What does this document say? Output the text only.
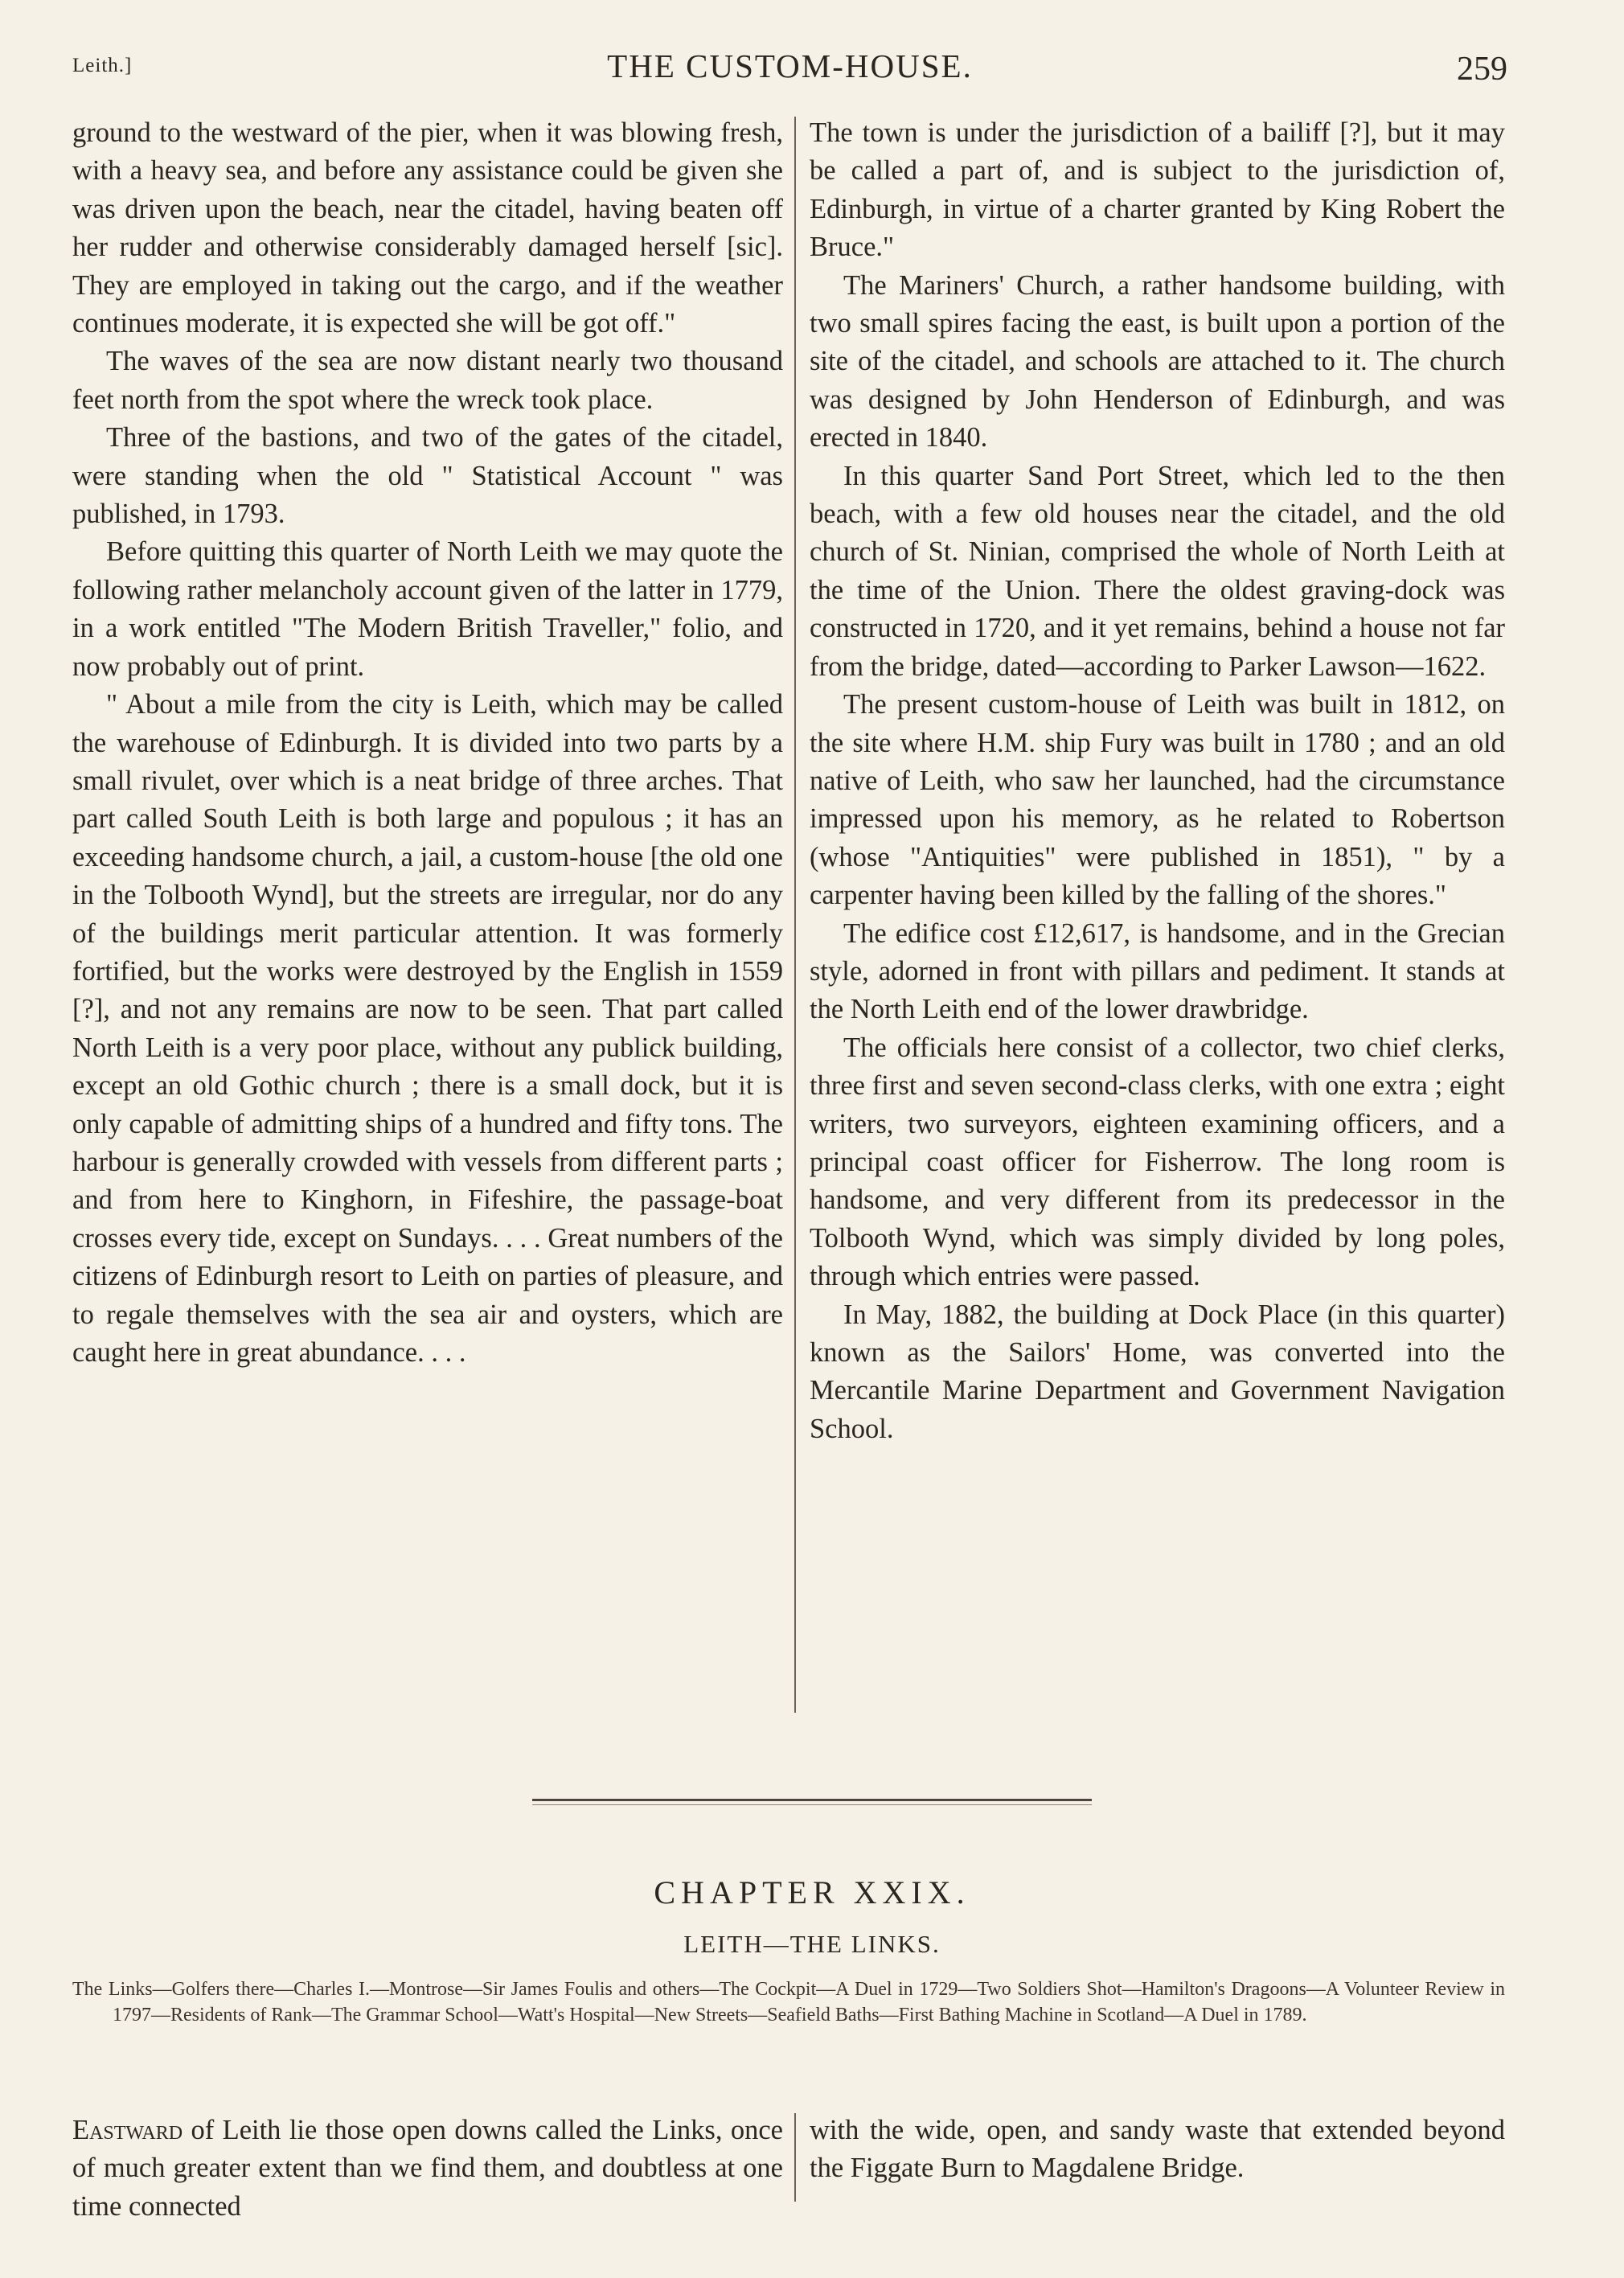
Leith.]	THE CUSTOM-HOUSE.	259

ground to the westward of the pier, when it was blowing fresh, with a heavy sea, and before any assistance could be given she was driven upon the beach, near the citadel, having beaten off her rudder and otherwise considerably damaged herself [sic]. They are employed in taking out the cargo, and if the weather continues moderate, it is expected she will be got off."

The waves of the sea are now distant nearly two thousand feet north from the spot where the wreck took place.

Three of the bastions, and two of the gates of the citadel, were standing when the old " Statistical Account " was published, in 1793.

Before quitting this quarter of North Leith we may quote the following rather melancholy account given of the latter in 1779, in a work entitled "The Modern British Traveller," folio, and now probably out of print.

" About a mile from the city is Leith, which may be called the warehouse of Edinburgh. It is divided into two parts by a small rivulet, over which is a neat bridge of three arches. That part called South Leith is both large and populous ; it has an exceeding handsome church, a jail, a custom-house [the old one in the Tolbooth Wynd], but the streets are irregular, nor do any of the buildings merit particular attention. It was formerly fortified, but the works were destroyed by the English in 1559 [?], and not any remains are now to be seen. That part called North Leith is a very poor place, without any publick building, except an old Gothic church ; there is a small dock, but it is only capable of admitting ships of a hundred and fifty tons. The harbour is generally crowded with vessels from different parts ; and from here to Kinghorn, in Fifeshire, the passage-boat crosses every tide, except on Sundays. . . . Great numbers of the citizens of Edinburgh resort to Leith on parties of pleasure, and to regale themselves with the sea air and oysters, which are caught here in great abundance. . . .

The town is under the jurisdiction of a bailiff [?], but it may be called a part of, and is subject to the jurisdiction of, Edinburgh, in virtue of a charter granted by King Robert the Bruce."

The Mariners' Church, a rather handsome building, with two small spires facing the east, is built upon a portion of the site of the citadel, and schools are attached to it. The church was designed by John Henderson of Edinburgh, and was erected in 1840.

In this quarter Sand Port Street, which led to the then beach, with a few old houses near the citadel, and the old church of St. Ninian, comprised the whole of North Leith at the time of the Union. There the oldest graving-dock was constructed in 1720, and it yet remains, behind a house not far from the bridge, dated—according to Parker Lawson—1622.

The present custom-house of Leith was built in 1812, on the site where H.M. ship Fury was built in 1780 ; and an old native of Leith, who saw her launched, had the circumstance impressed upon his memory, as he related to Robertson (whose "Antiquities" were published in 1851), " by a carpenter having been killed by the falling of the shores."

The edifice cost £12,617, is handsome, and in the Grecian style, adorned in front with pillars and pediment. It stands at the North Leith end of the lower drawbridge.

The officials here consist of a collector, two chief clerks, three first and seven second-class clerks, with one extra ; eight writers, two surveyors, eighteen examining officers, and a principal coast officer for Fisherrow. The long room is handsome, and very different from its predecessor in the Tolbooth Wynd, which was simply divided by long poles, through which entries were passed.

In May, 1882, the building at Dock Place (in this quarter) known as the Sailors' Home, was converted into the Mercantile Marine Department and Government Navigation School.

CHAPTER XXIX.
LEITH—THE LINKS.
The Links—Golfers there—Charles I.—Montrose—Sir James Foulis and others—The Cockpit—A Duel in 1729—Two Soldiers Shot—Hamilton's Dragoons—A Volunteer Review in 1797—Residents of Rank—The Grammar School—Watt's Hospital—New Streets—Seafield Baths—First Bathing Machine in Scotland—A Duel in 1789.

Eastward of Leith lie those open downs called the Links, once of much greater extent than we find them, and doubtless at one time connected

with the wide, open, and sandy waste that extended beyond the Figgate Burn to Magdalene Bridge.
